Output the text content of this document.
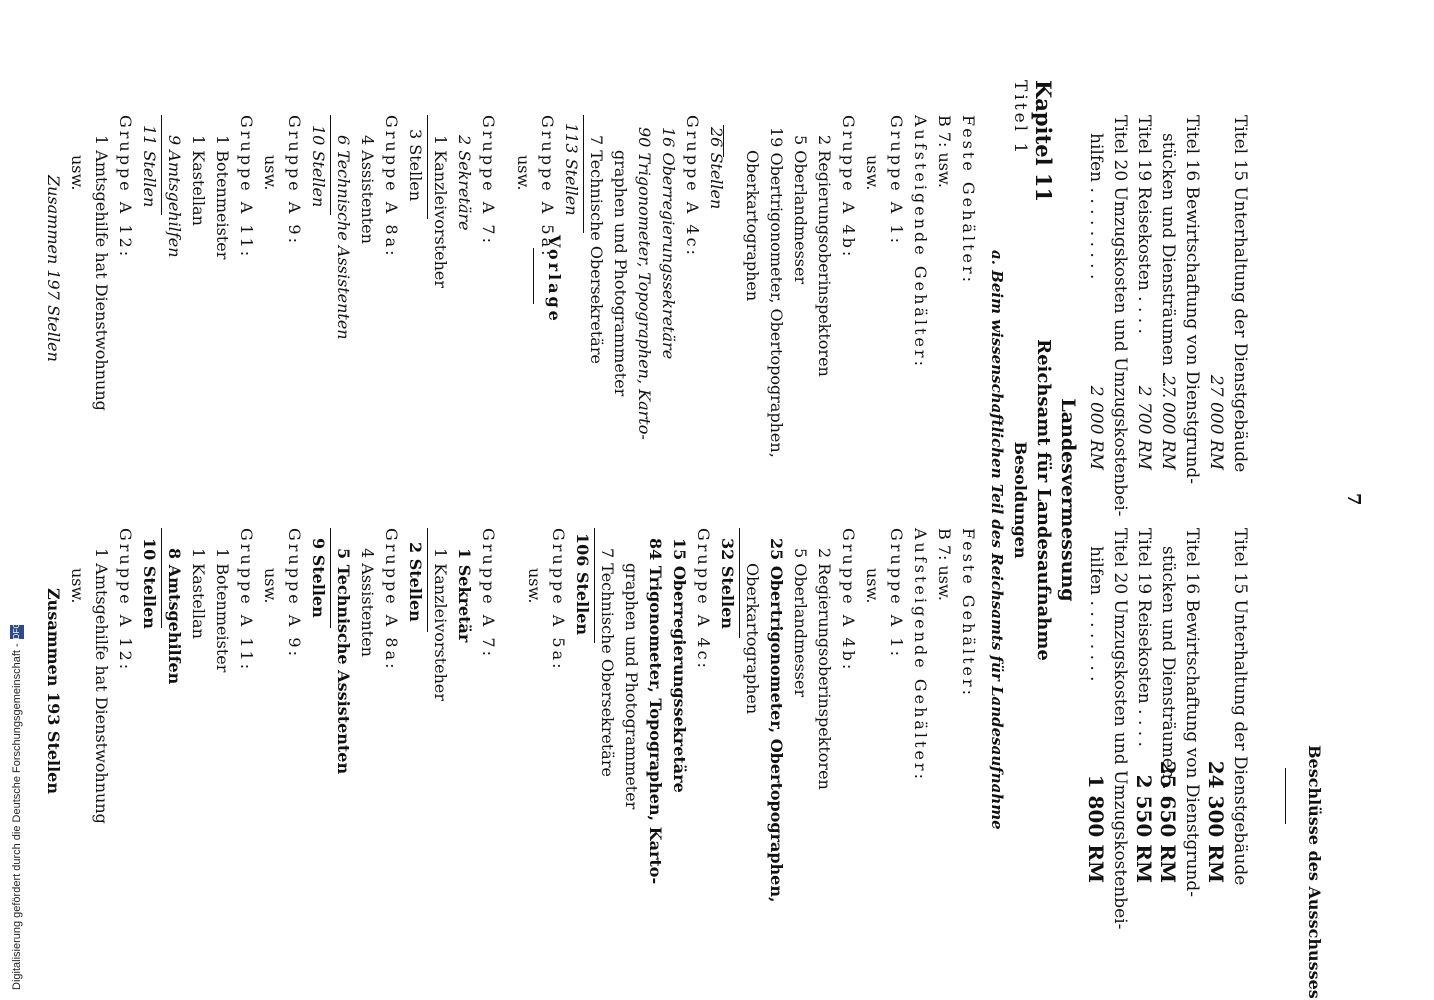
Vorlage
7
Beschlüsse des Ausschusses
Titel 15 Unterhaltung der Dienstgebäude
27 000 RM
Titel 16 Bewirtschaftung von Dienstgrund-
stücken und Diensträumen . . .
27 000 RM
Titel 19 Reisekosten . . . .
2 700 RM
Titel 20 Umzugskosten und Umzugskostenbei-
hilfen . . . . . . . . .
2 000 RM
Titel 15 Unterhaltung der Dienstgebäude
24 300 RM
Titel 16 Bewirtschaftung von Dienstgrund-
stücken und Diensträumen . .
25 650 RM
Titel 19 Reisekosten . . . .
2 550 RM
Titel 20 Umzugskosten und Umzugskostenbei-
hilfen . . . . . . . .
1 800 RM
Landesvermessung
Reichsamt für Landesaufnahme
Besoldungen
Kapitel 11
Titel 1
a. Beim wissenschaftlichen Teil des Reichsamts für Landesaufnahme
Feste Gehälter:
B 7: usw.
Aufsteigende Gehälter:
Gruppe A 1:
usw.
Gruppe A 4b:
2 Regierungsoberinspektoren
5 Oberlandmesser
19 Obertrigonometer, Obertopographen,
Oberkartographen
26 Stellen
Gruppe A 4c:
16 Oberregierungssekretäre
90 Trigonometer, Topographen, Karto-
graphen und Photogrammeter
7 Technische Obersekretäre
113 Stellen
Gruppe A 5a:
usw.
Feste Gehälter:
B 7: usw.
Aufsteigende Gehälter:
Gruppe A 1:
usw.
Gruppe A 4b:
2 Regierungsoberinspektoren
5 Oberlandmesser
25 Obertrigonometer, Obertopographen,
Oberkartographen
32 Stellen
Gruppe A 4c:
15 Oberregierungssekretäre
84 Trigonometer, Topographen, Karto-
graphen und Photogrammeter
7 Technische Obersekretäre
106 Stellen
Gruppe A 5a:
usw.
Gruppe A 7:
2 Sekretäre
1 Kanzleivorsteher
3 Stellen
Gruppe A 8a:
4 Assistenten
6 Technische Assistenten
10 Stellen
Gruppe A 9:
usw.
Gruppe A 11:
1 Botenmeister
1 Kastellan
9 Amtsgehilfen
11 Stellen
Gruppe A 12:
1 Amtsgehilfe hat Dienstwohnung
usw.
Zusammen 197 Stellen
Gruppe A 7:
1 Sekretär
1 Kanzleivorsteher
2 Stellen
Gruppe A 8a:
4 Assistenten
5 Technische Assistenten
9 Stellen
Gruppe A 9:
usw.
Gruppe A 11:
1 Botenmeister
1 Kastellan
8 Amtsgehilfen
10 Stellen
Gruppe A 12:
1 Amtsgehilfe hat Dienstwohnung
usw.
Zusammen 193 Stellen
Digitalisierung gefördert durch die Deutsche Forschungsgemeinschaft -DFG
